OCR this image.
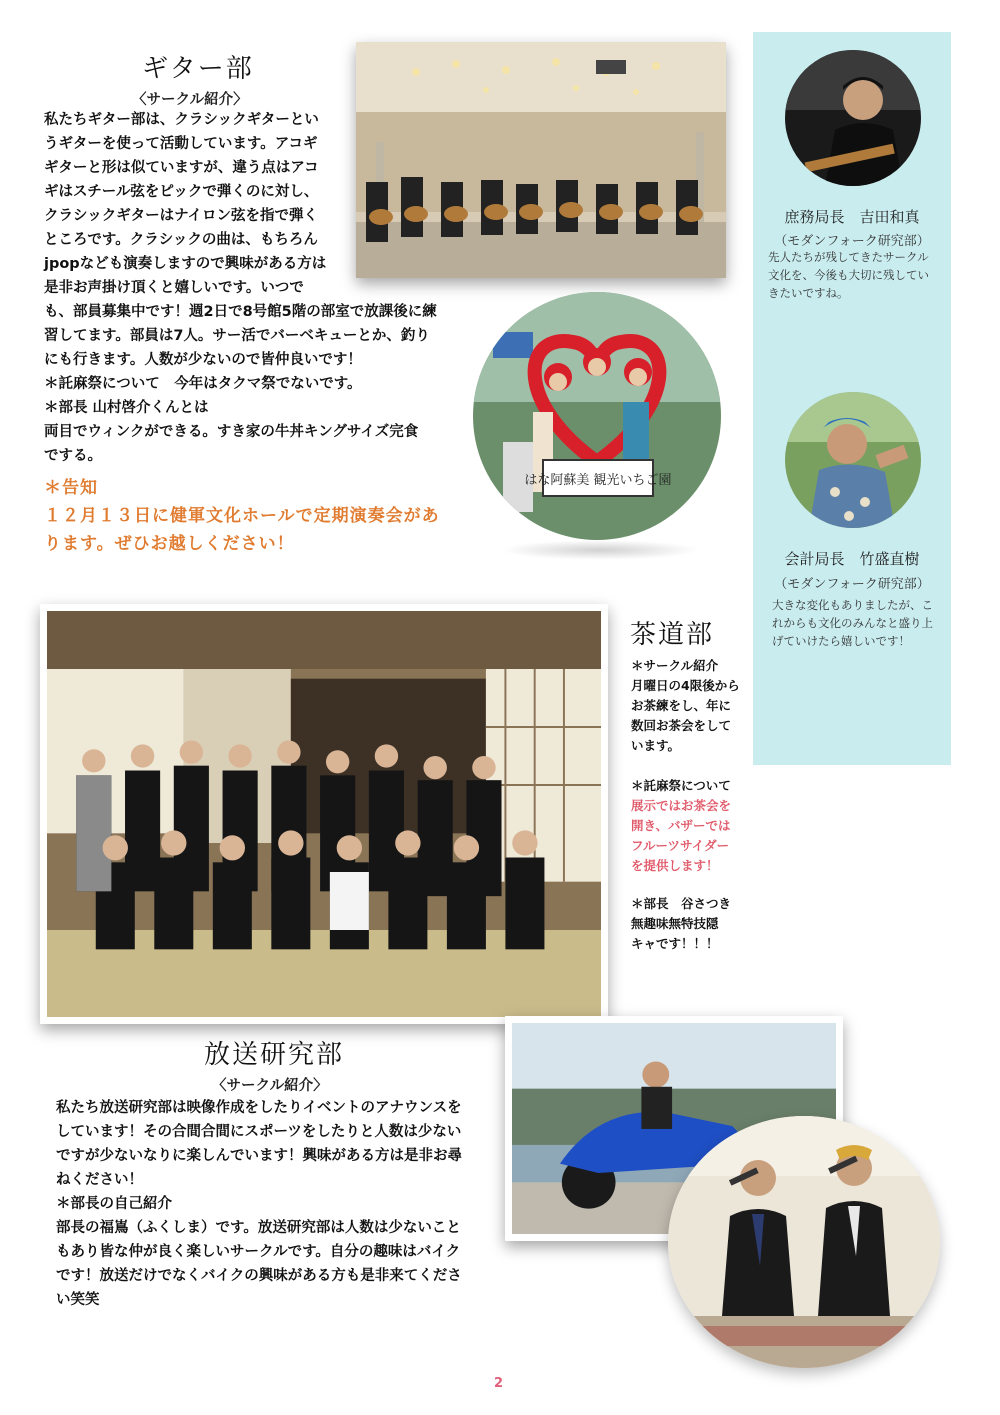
ギター部
〈サークル紹介〉
私たちギター部は、クラシックギターとい
うギターを使って活動しています。アコギ
ギターと形は似ていますが、違う点はアコ
ギはスチール弦をピックで弾くのに対し、
クラシックギターはナイロン弦を指で弾く
ところです。クラシックの曲は、もちろん
jpopなども演奏しますので興味がある方は
是非お声掛け頂くと嬉しいです。いつで
も、部員募集中です！週2日で8号館5階の部室で放課後に練
習してます。部員は7人。サー活でバーベキューとか、釣り
にも行きます。人数が少ないので皆仲良いです！
＊託麻祭について　今年はタクマ祭でないです。
＊部長 山村啓介くんとは
両目でウィンクができる。すき家の牛丼キングサイズ完食
でする。
＊告知
１２月１３日に健軍文化ホールで定期演奏会があ
ります。ぜひお越しください！
はな阿蘇美 観光いちご園
庶務局長　吉田和真
（モダンフォーク研究部）
先人たちが残してきたサークル
文化を、今後も大切に残してい
きたいですね。
会計局長　竹盛直樹
（モダンフォーク研究部）
大きな変化もありましたが、こ
れからも文化のみんなと盛り上
げていけたら嬉しいです！
茶道部
＊サークル紹介
月曜日の4限後から
お茶練をし、年に
数回お茶会をして
います。
＊託麻祭について
展示ではお茶会を
開き、バザーでは
フルーツサイダー
を提供します！
＊部長　谷さつき
無趣味無特技隠
キャです！！！
放送研究部
〈サークル紹介〉
私たち放送研究部は映像作成をしたりイベントのアナウンスを
しています！その合間合間にスポーツをしたりと人数は少ない
ですが少ないなりに楽しんでいます！興味がある方は是非お尋
ねください！
＊部長の自己紹介
部長の福嶌（ふくしま）です。放送研究部は人数は少ないこと
もあり皆な仲が良く楽しいサークルです。自分の趣味はバイク
です！放送だけでなくバイクの興味がある方も是非来てくださ
い笑笑
2
